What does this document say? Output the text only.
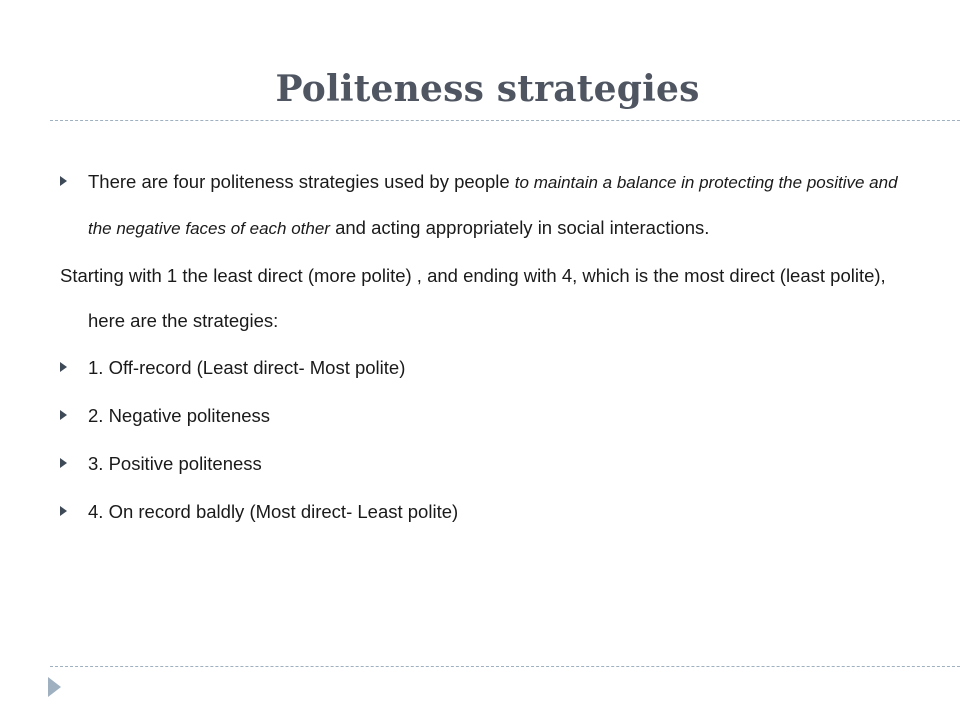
Politeness strategies

There are four politeness strategies used by people to maintain a balance in protecting the positive and the negative faces of each other and acting appropriately in social interactions.

Starting with 1 the least direct (more polite) , and ending with 4, which is the most direct (least polite), here are the strategies:

1. Off-record (Least direct- Most polite)

2. Negative politeness

3. Positive politeness

4. On record baldly (Most direct- Least polite)
